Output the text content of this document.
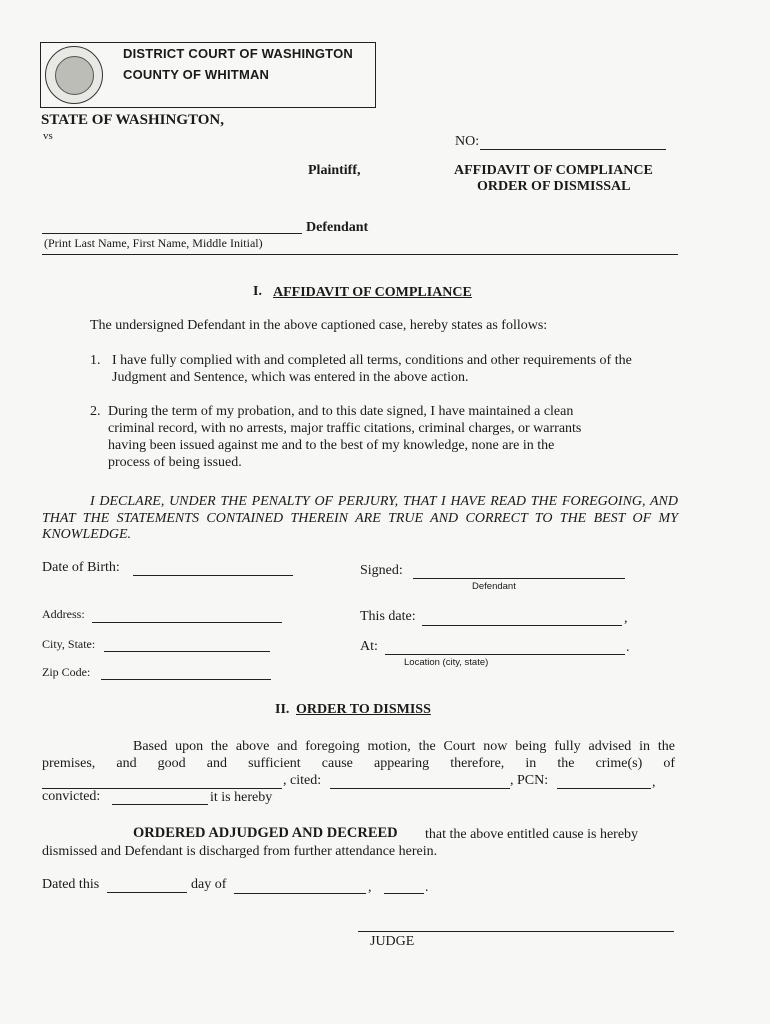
DISTRICT COURT OF WASHINGTON
COUNTY OF WHITMAN
STATE OF WASHINGTON,
vs	NO:
Plaintiff,	AFFIDAVIT OF COMPLIANCE
ORDER OF DISMISSAL
Defendant
(Print Last Name, First Name, Middle Initial)
I. AFFIDAVIT OF COMPLIANCE
The undersigned Defendant in the above captioned case, hereby states as follows:
1. I have fully complied with and completed all terms, conditions and other requirements of the
Judgment and Sentence, which was entered in the above action.
2. During the term of my probation, and to this date signed, I have maintained a clean
criminal record, with no arrests, major traffic citations, criminal charges, or warrants
having been issued against me and to the best of my knowledge, none are in the
process of being issued.
I DECLARE, UNDER THE PENALTY OF PERJURY, THAT I HAVE READ THE FOREGOING, AND
THAT THE STATEMENTS CONTAINED THEREIN ARE TRUE AND CORRECT TO THE BEST OF MY
KNOWLEDGE.
Date of Birth:	Signed:
Defendant
Address:	This date:	,
City, State:	At:	.
Location (city, state)
Zip Code:
II. ORDER TO DISMISS
Based upon the above and foregoing motion, the Court now being fully advised in the
premises, and good and sufficient cause appearing therefore, in the crime(s) of
, cited:	, PCN:	,
convicted:	it is hereby
ORDERED ADJUDGED AND DECREED that the above entitled cause is hereby
dismissed and Defendant is discharged from further attendance herein.
Dated this	day of	,	.
JUDGE
